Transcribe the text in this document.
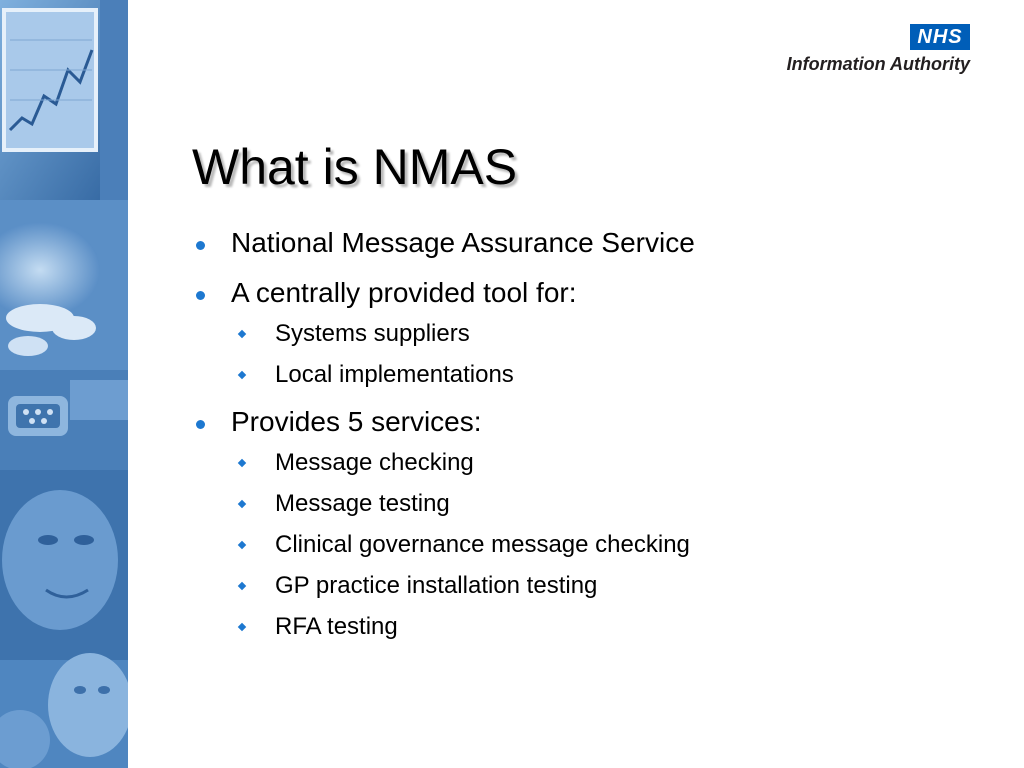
NHS
Information Authority
What is NMAS
National Message Assurance Service
A centrally provided tool for:
Systems suppliers
Local implementations
Provides 5 services:
Message checking
Message testing
Clinical governance message checking
GP practice installation testing
RFA testing
